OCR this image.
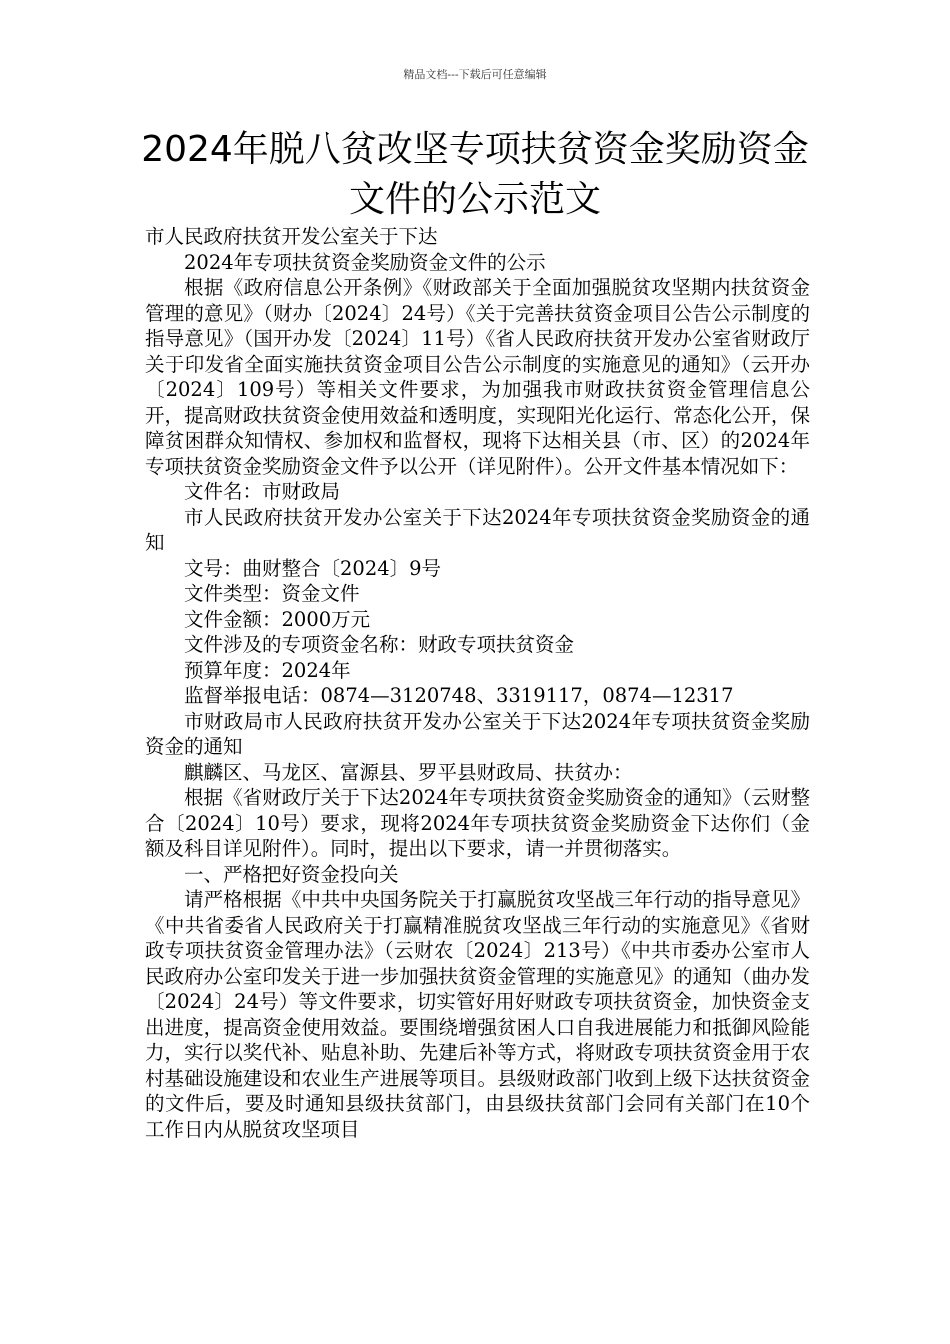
精品文档---下载后可任意编辑
2024年脱八贫改坚专项扶贫资金奖励资金文件的公示范文

市人民政府扶贫开发公室关于下达

2024年专项扶贫资金奖励资金文件的公示

根据《政府信息公开条例》《财政部关于全面加强脱贫攻坚期内扶贫资金管理的意见》（财办〔2024〕24号）《关于完善扶贫资金项目公告公示制度的指导意见》（国开办发〔2024〕11号）《省人民政府扶贫开发办公室省财政厅关于印发省全面实施扶贫资金项目公告公示制度的实施意见的通知》（云开办〔2024〕109号）等相关文件要求，为加强我市财政扶贫资金管理信息公开，提高财政扶贫资金使用效益和透明度，实现阳光化运行、常态化公开，保障贫困群众知情权、参加权和监督权，现将下达相关县（市、区）的2024年专项扶贫资金奖励资金文件予以公开（详见附件）。公开文件基本情况如下：

文件名：市财政局

市人民政府扶贫开发办公室关于下达2024年专项扶贫资金奖励资金的通知

文号：曲财整合〔2024〕9号

文件类型：资金文件

文件金额：2000万元

文件涉及的专项资金名称：财政专项扶贫资金

预算年度：2024年

监督举报电话：0874—3120748、3319117，0874—12317

市财政局市人民政府扶贫开发办公室关于下达2024年专项扶贫资金奖励资金的通知

麒麟区、马龙区、富源县、罗平县财政局、扶贫办：

根据《省财政厅关于下达2024年专项扶贫资金奖励资金的通知》（云财整合〔2024〕10号）要求，现将2024年专项扶贫资金奖励资金下达你们（金额及科目详见附件）。同时，提出以下要求，请一并贯彻落实。

一、严格把好资金投向关

请严格根据《中共中央国务院关于打赢脱贫攻坚战三年行动的指导意见》《中共省委省人民政府关于打赢精准脱贫攻坚战三年行动的实施意见》《省财政专项扶贫资金管理办法》（云财农〔2024〕213号）《中共市委办公室市人民政府办公室印发关于进一步加强扶贫资金管理的实施意见》的通知（曲办发〔2024〕24号）等文件要求，切实管好用好财政专项扶贫资金，加快资金支出进度，提高资金使用效益。要围绕增强贫困人口自我进展能力和抵御风险能力，实行以奖代补、贴息补助、先建后补等方式，将财政专项扶贫资金用于农村基础设施建设和农业生产进展等项目。县级财政部门收到上级下达扶贫资金的文件后，要及时通知县级扶贫部门，由县级扶贫部门会同有关部门在10个工作日内从脱贫攻坚项目
